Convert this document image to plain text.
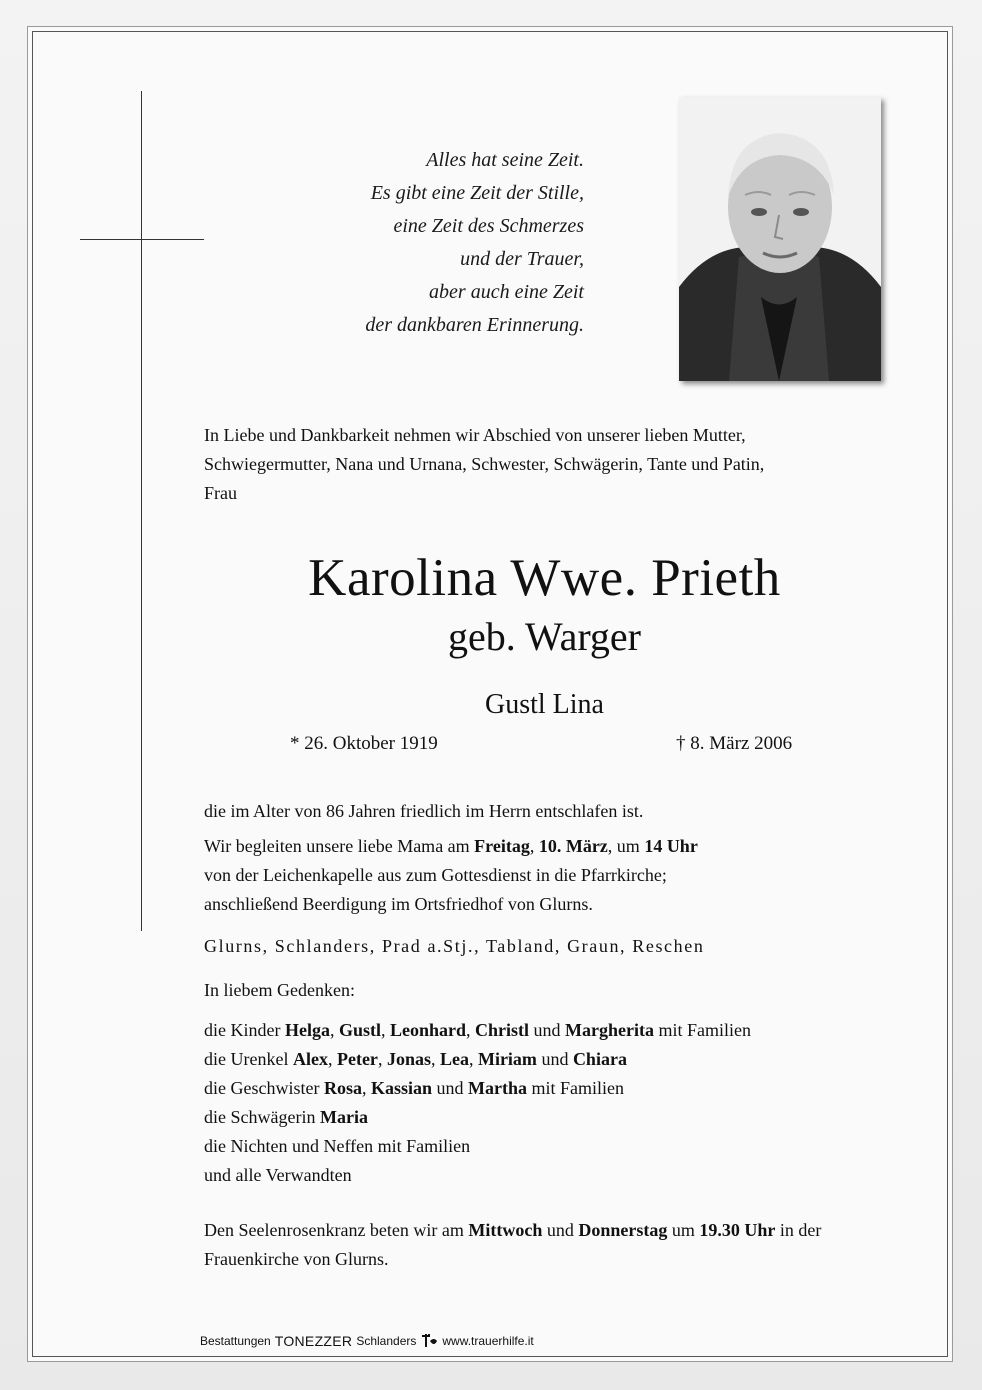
Alles hat seine Zeit.
Es gibt eine Zeit der Stille,
eine Zeit des Schmerzes
und der Trauer,
aber auch eine Zeit
der dankbaren Erinnerung.
In Liebe und Dankbarkeit nehmen wir Abschied von unserer lieben Mutter,
Schwiegermutter, Nana und Urnana, Schwester, Schwägerin, Tante und Patin,
Frau
Karolina Wwe. Prieth
geb. Warger
Gustl Lina
* 26. Oktober 1919	† 8. März 2006
die im Alter von 86 Jahren friedlich im Herrn entschlafen ist.
Wir begleiten unsere liebe Mama am Freitag, 10. März, um 14 Uhr
von der Leichenkapelle aus zum Gottesdienst in die Pfarrkirche;
anschließend Beerdigung im Ortsfriedhof von Glurns.
Glurns, Schlanders, Prad a.Stj., Tabland, Graun, Reschen
In liebem Gedenken:
die Kinder Helga, Gustl, Leonhard, Christl und Margherita mit Familien
die Urenkel Alex, Peter, Jonas, Lea, Miriam und Chiara
die Geschwister Rosa, Kassian und Martha mit Familien
die Schwägerin Maria
die Nichten und Neffen mit Familien
und alle Verwandten
Den Seelenrosenkranz beten wir am Mittwoch und Donnerstag um 19.30 Uhr in der
Frauenkirche von Glurns.
Bestattungen TONEZZER Schlanders www.trauerhilfe.it
